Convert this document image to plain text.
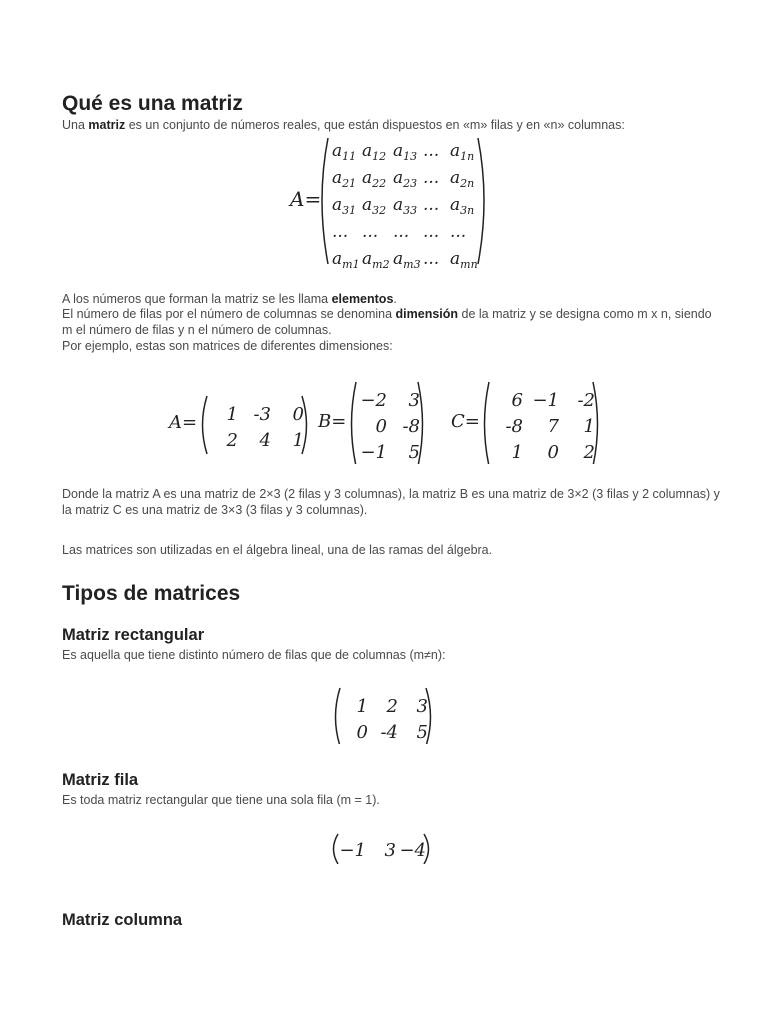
Qué es una matriz
Una matriz es un conjunto de números reales, que están dispuestos en «m» filas y en «n» columnas:
A=
$a_{11}$ $a_{12}$ $a_{13}$ ... $a_{1n}$
$a_{21}$ $a_{22}$ $a_{23}$ ... $a_{2n}$
$a_{31}$ $a_{32}$ $a_{33}$ ... $a_{3n}$
... ... ... ... ...
$a_{m1}$ $a_{m2}$ $a_{m3}$ ... $a_{mn}$
A los números que forman la matriz se les llama elementos.
El número de filas por el número de columnas se denomina dimensión de la matriz y se designa como m x n, siendo m el número de filas y n el número de columnas.
Por ejemplo, estas son matrices de diferentes dimensiones:
A= 1 -3 0
2 4 1
B=
−2 3
0 -8
−1 5
C=
6 −1 -2
-8 7 1
1 0 2
Donde la matriz A es una matriz de 2×3 (2 filas y 3 columnas), la matriz B es una matriz de 3×2 (3 filas y 2 columnas) y la matriz C es una matriz de 3×3 (3 filas y 3 columnas).
Las matrices son utilizadas en el álgebra lineal, una de las ramas del álgebra.
Tipos de matrices
Matriz rectangular
Es aquella que tiene distinto número de filas que de columnas (m≠n):
1 2 3
0 -4 5
Matriz fila
Es toda matriz rectangular que tiene una sola fila (m = 1).
−1 3 −4
Matriz columna
